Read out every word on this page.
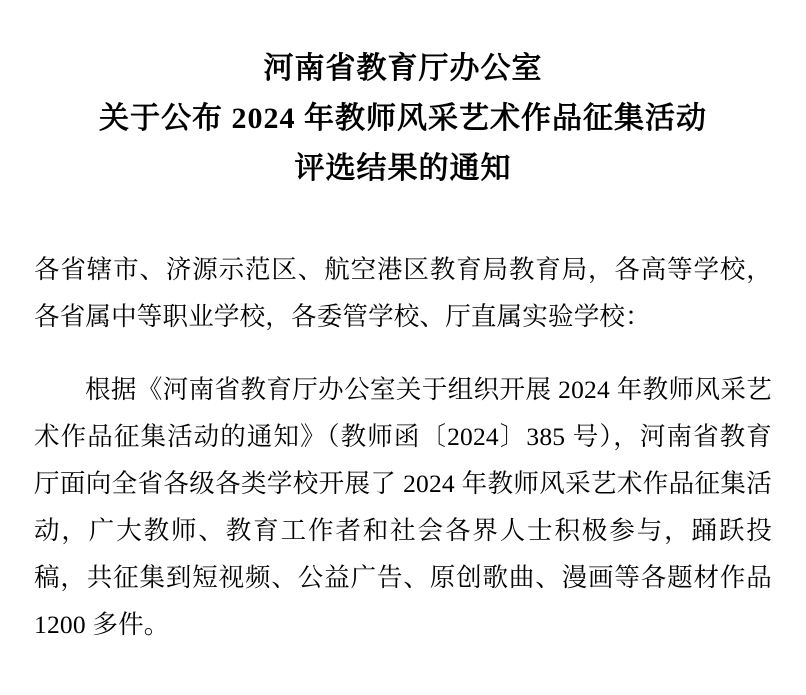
河南省教育厅办公室
关于公布 2024 年教师风采艺术作品征集活动
评选结果的通知

各省辖市、济源示范区、航空港区教育局教育局，各高等学校，各省属中等职业学校，各委管学校、厅直属实验学校：

根据《河南省教育厅办公室关于组织开展 2024 年教师风采艺术作品征集活动的通知》（教师函〔2024〕385 号），河南省教育厅面向全省各级各类学校开展了 2024 年教师风采艺术作品征集活动，广大教师、教育工作者和社会各界人士积极参与，踊跃投稿，共征集到短视频、公益广告、原创歌曲、漫画等各题材作品 1200 多件。
